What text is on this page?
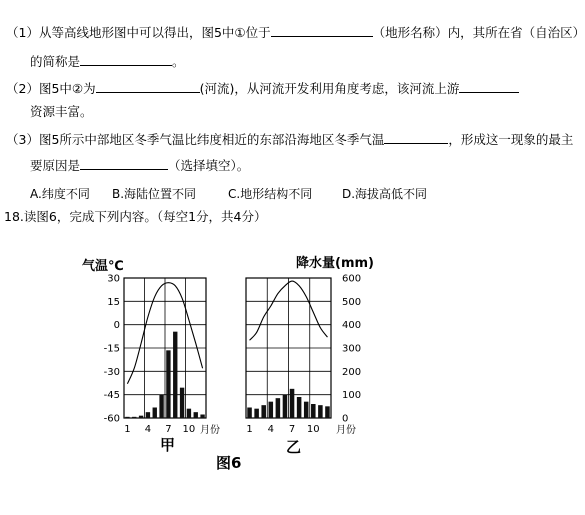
（1）从等高线地形图中可以得出，图5中①位于	（地形名称）内，其所在省（自治区）
的简称是	。
（2）图5中②为	(河流)，从河流开发利用角度考虑，该河流上游
资源丰富。
（3）图5所示中部地区冬季气温比纬度相近的东部沿海地区冬季气温	，形成这一现象的最主
要原因是	（选择填空）。
A.纬度不同 B.海陆位置不同	C.地形结构不同 D.海拔高低不同
18.读图6，完成下列内容。（每空1分，共4分）
气温℃	降水量(mm)
30
15
0
-15
-30
-45
-60
600
500
400
300
200
100
0
1 4 7 10	1 4 7 10
月份	月份
甲	乙
图6
